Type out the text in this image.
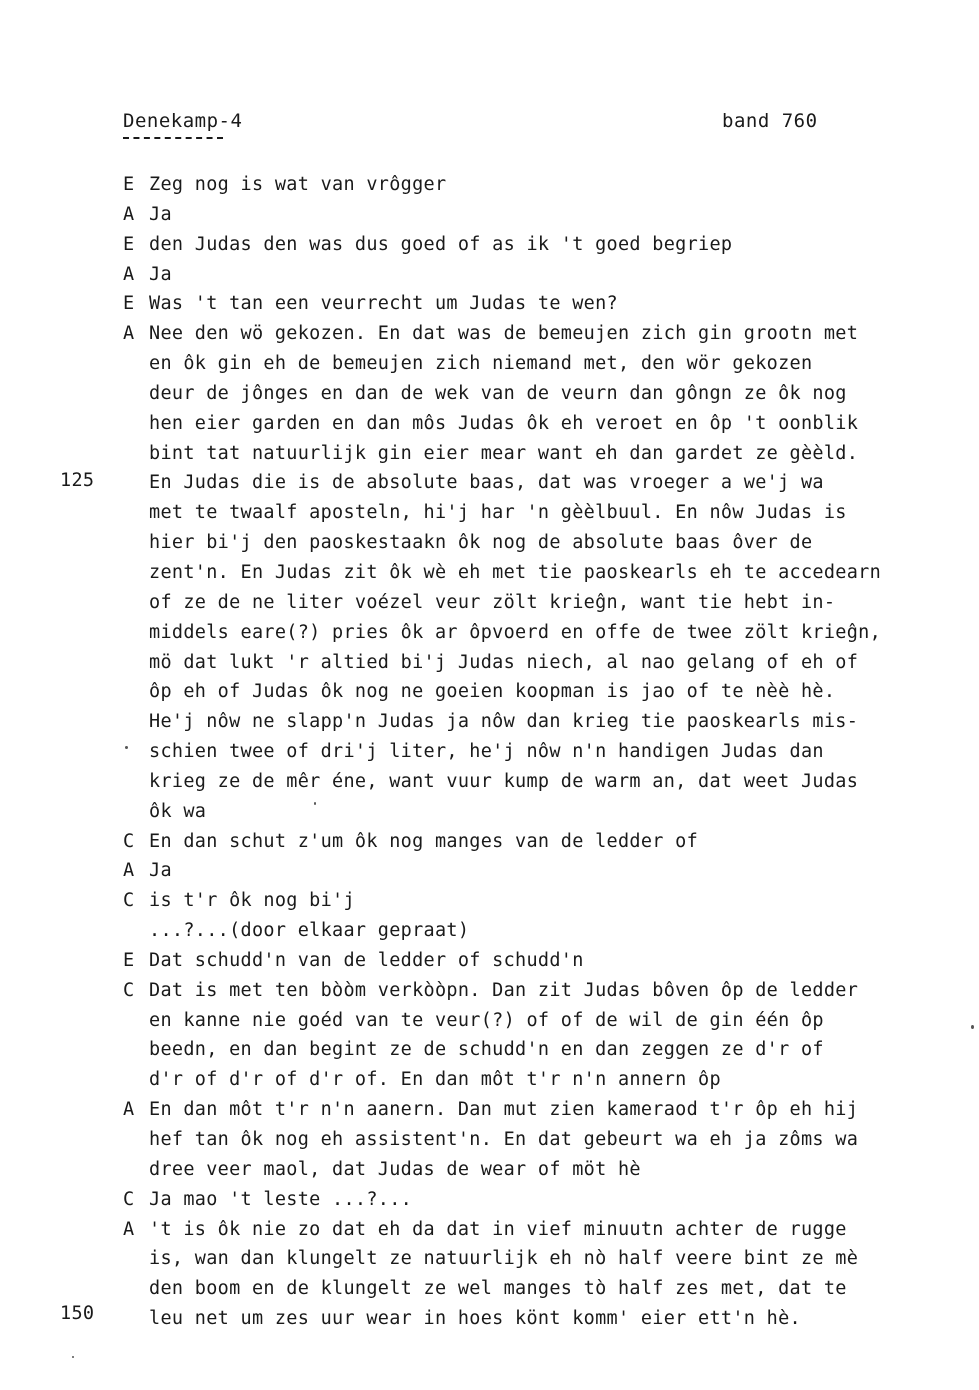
Denekamp-4	band 760
125
150
E Zeg nog is wat van vrôgger
A Ja
E den Judas den was dus goed of as ik 't goed begriep
A Ja
E Was 't tan een veurrecht um Judas te wen?
A Nee den wö gekozen. En dat was de bemeujen zich gin grootn met
en ôk gin eh de bemeujen zich niemand met, den wör gekozen
deur de jônges en dan de wek van de veurn dan gôngn ze ôk nog
hen eier garden en dan môs Judas ôk eh veroet en ôp 't oonblik
bint tat natuurlijk gin eier mear want eh dan gardet ze gèèld.
En Judas die is de absolute baas, dat was vroeger a we'j wa
met te twaalf aposteln, hi'j har 'n gèèlbuul. En nôw Judas is
hier bi'j den paoskestaakn ôk nog de absolute baas ôver de
zent'n. En Judas zit ôk wè eh met tie paoskearls eh te accedearn
of ze de ne liter voézel veur zölt krieĝn, want tie hebt in-
middels eare(?) pries ôk ar ôpvoerd en offe de twee zölt krieĝn,
mö dat lukt 'r altied bi'j Judas niech, al nao gelang of eh of
ôp eh of Judas ôk nog ne goeien koopman is jao of te nèè hè.
He'j nôw ne slapp'n Judas ja nôw dan krieg tie paoskearls mis-
schien twee of dri'j liter, he'j nôw n'n handigen Judas dan
krieg ze de mêr éne, want vuur kump de warm an, dat weet Judas
ôk wa
C En dan schut z'um ôk nog manges van de ledder of
A Ja
C is t'r ôk nog bi'j
...?...(door elkaar gepraat)
E Dat schudd'n van de ledder of schudd'n
C Dat is met ten bòòm verkòòpn. Dan zit Judas bôven ôp de ledder
en kanne nie goéd van te veur(?) of of de wil de gin één ôp
beedn, en dan begint ze de schudd'n en dan zeggen ze d'r of
d'r of d'r of d'r of. En dan môt t'r n'n annern ôp
A En dan môt t'r n'n aanern. Dan mut zien kameraod t'r ôp eh hij
hef tan ôk nog eh assistent'n. En dat gebeurt wa eh ja zôms wa
dree veer maol, dat Judas de wear of möt hè
C Ja mao 't leste ...?...
A 't is ôk nie zo dat eh da dat in vief minuutn achter de rugge
is, wan dan klungelt ze natuurlijk eh nò half veere bint ze mè
den boom en de klungelt ze wel manges tò half zes met, dat te
leu net um zes uur wear in hoes könt komm' eier ett'n hè.
